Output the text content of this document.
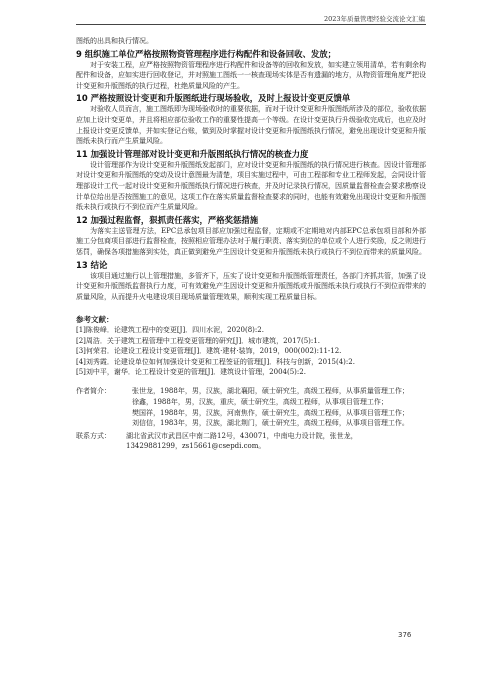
2023年质量管理经验交流论文汇编

图纸的出具和执行情况。

9 组织施工单位严格按照物资管理程序进行构配件和设备回收、发放；

对于安装工程，应严格按照物资管理程序进行构配件和设备等的回收和发放，如实建立领用清单，若有剩余构配件和设备，应如实进行回收登记，并对照施工图纸一一核查现场实体是否有遗漏的地方，从物资管理角度严把设计变更和升版图纸的执行过程，杜绝质量风险的产生。

10 严格按照设计变更和升版图纸进行现场验收，及时上报设计变更反馈单

对验收人员而言，施工图纸即为现场验收时的重要依据，而对于设计变更和升版图纸所涉及的部位，验收依据应加上设计变更单，并且将相应部位验收工作的重要性提高一个等级。在设计变更执行升级验收完成后，也应及时上报设计变更反馈单，并如实登记台账，做到及时掌握对设计变更和升版图纸执行情况，避免出现设计变更和升版图纸未执行而产生质量风险。

11 加强设计管理部对设计变更和升版图纸执行情况的核查力度

设计管理部作为设计变更和升版图纸发起部门，应对设计变更和升版图纸的执行情况进行核查。因设计管理部对设计变更和升版图纸的变动及设计意图最为清楚，项目实施过程中，可由工程部和专业工程师发起，会同设计管理部设计工代一起对设计变更和升版图纸执行情况进行核查，并及时记录执行情况，因质量监督检查会要求勘察设计单位给出是否按图施工的意见，这项工作在落实质量监督检查要求的同时，也能有效避免出现设计变更和升版图纸未执行或执行不到位而产生质量风险。

12 加强过程监督，狠抓责任落实，严格奖惩措施

为落实主送管理方法，EPC总承包项目部应加强过程监督，定期或不定期地对内部EPC总承包项目部和外部施工分包商项目部进行监督检查，按照相应管理办法对于履行职责、落实到位的单位或个人进行奖励，反之则进行惩罚，确保各项措施落到实处，真正做到避免产生因设计变更和升版图纸未执行或执行不到位而带来的质量风险。

13 结论

该项目通过施行以上管理措施，多管齐下，压实了设计变更和升版图纸管理责任，各部门齐抓共管，加强了设计变更和升版图纸监督执行力度，可有效避免产生因设计变更和升版图纸或升版图纸未执行或执行不到位而带来的质量风险，从而提升火电建设项目现场质量管理效果，顺利实现工程质量目标。

参考文献：
[1]陈俊峰．论建筑工程中的变更[J]．四川水泥，2020(8):2.
[2]周浩．关于建筑工程管理中工程变更管理的研究[J]．城市建筑，2017(5):1.
[3]何荣君．论建设工程设计变更管理[J]．建筑·建材·装饰，2019，000(002):11-12.
[4]刘秀霞．论建设单位如何加强设计变更和工程签证的管理[J]．科技与创新，2015(4):2.
[5]刘中平，谢华．论工程设计变更的管理[J]．建筑设计管理，2004(5):2.
作者简介：	张世龙，1988年，男，汉族，湖北襄阳，硕士研究生，高级工程师，从事质量管理工作；
徐鑫，1988年，男，汉族，重庆，硕士研究生，高级工程师，从事项目管理工作；
樊国祥，1988年，男，汉族，河南焦作，硕士研究生，高级工程师，从事项目管理工作；
刘信信，1983年，男，汉族，湖北荆门，硕士研究生，高级工程师，从事项目管理工作。
联系方式：	湖北省武汉市武昌区中南二路12号，430071，中南电力设计院，张世龙，
13429881299，zs15661@csepdi.com。
376
